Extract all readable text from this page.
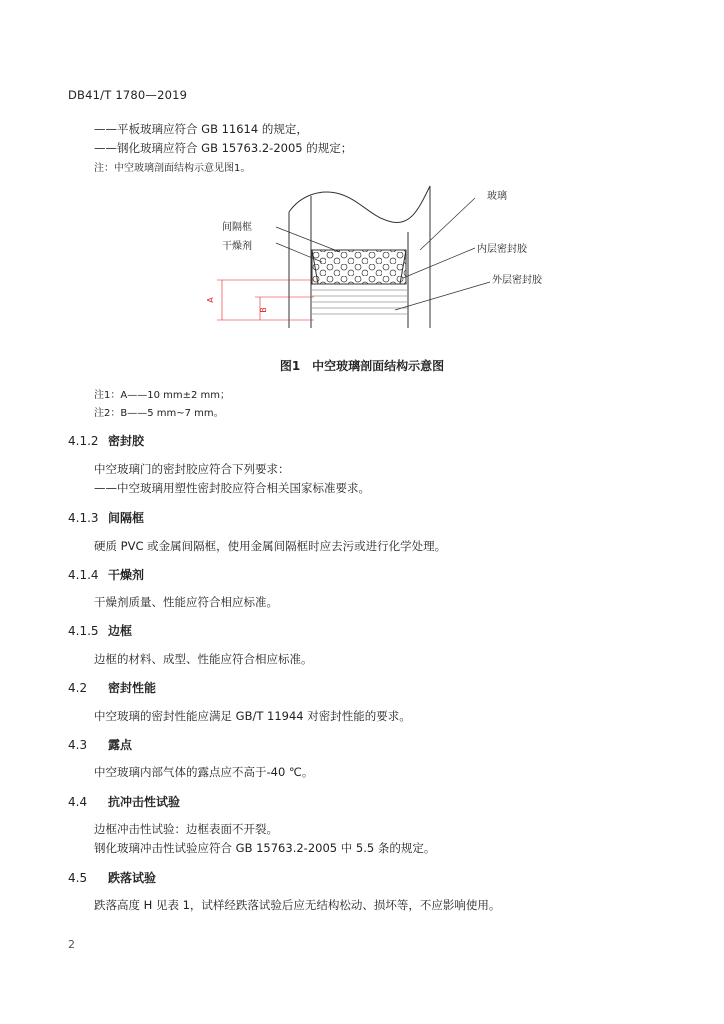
DB41/T 1780—2019
——平板玻璃应符合 GB 11614 的规定，
——钢化玻璃应符合 GB 15763.2-2005 的规定；
注：中空玻璃剖面结构示意见图1。
A
B
玻璃
间隔框
干燥剂	内层密封胶
外层密封胶
图1 中空玻璃剖面结构示意图
注1：A——10 mm±2 mm；
注2：B——5 mm~7 mm。
4.1.2 密封胶
中空玻璃门的密封胶应符合下列要求：
——中空玻璃用塑性密封胶应符合相关国家标准要求。
4.1.3 间隔框
硬质 PVC 或金属间隔框，使用金属间隔框时应去污或进行化学处理。
4.1.4 干燥剂
干燥剂质量、性能应符合相应标准。
4.1.5 边框
边框的材料、成型、性能应符合相应标准。
4.2 密封性能
中空玻璃的密封性能应满足 GB/T 11944 对密封性能的要求。
4.3 露点
中空玻璃内部气体的露点应不高于-40 ℃。
4.4 抗冲击性试验
边框冲击性试验：边框表面不开裂。
钢化玻璃冲击性试验应符合 GB 15763.2-2005 中 5.5 条的规定。
4.5 跌落试验
跌落高度 H 见表 1，试样经跌落试验后应无结构松动、损坏等，不应影响使用。
2
